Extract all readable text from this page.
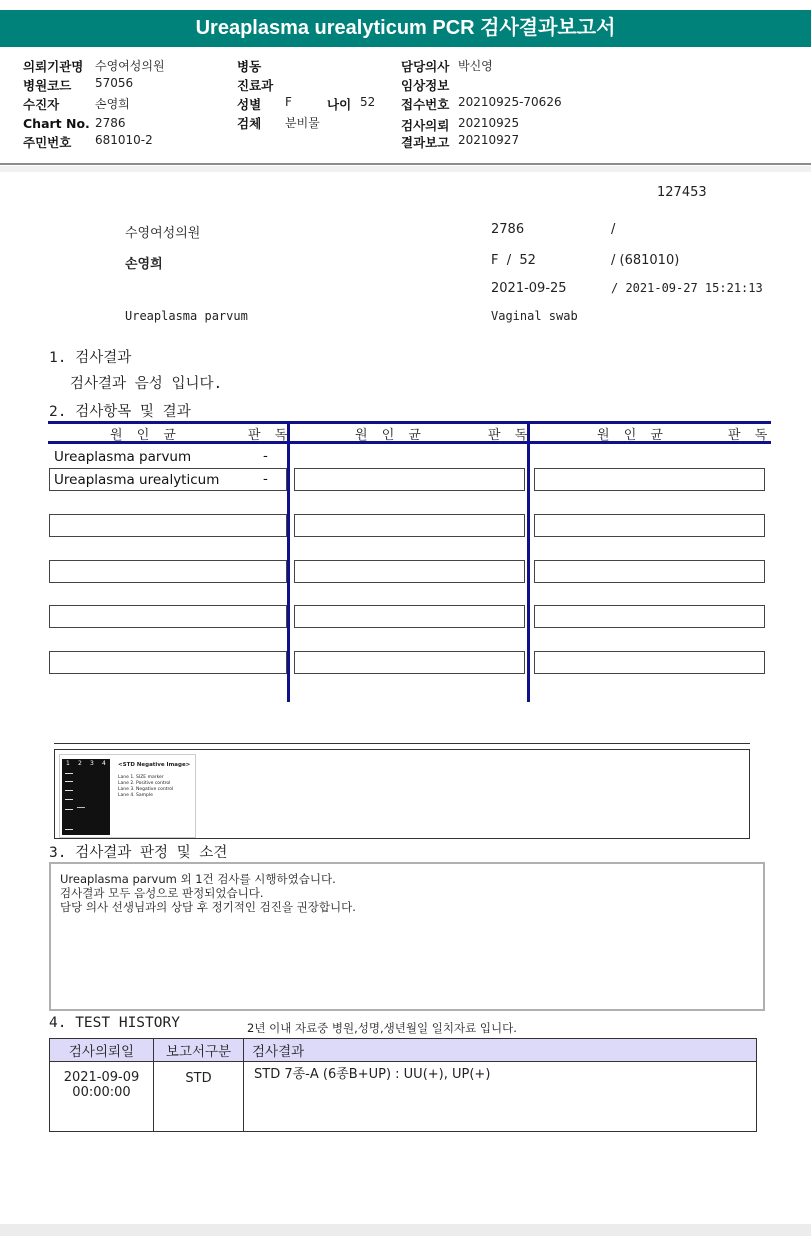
Ureaplasma urealyticum PCR 검사결과보고서
의뢰기관명 수영여성의원
병원코드 57056
수진자	손영희
Chart No. 2786
주민번호 681010-2
병동
진료과
성별 F
검체 분비물
나이 52
담당의사 박신영
임상정보
접수번호 20210925-70626
검사의뢰 20210925
결과보고 20210927
127453
수영여성의원	2786	/
손영희	F  /  52	/ (681010)
2021-09-25	/ 2021-09-27 15:21:13
Ureaplasma parvum	Vaginal swab
1. 검사결과
검사결과 음성 입니다.
2. 검사항목 및 결과
원 인 균	판 독	원 인 균	판 독	원 인 균	판 독
Ureaplasma parvum	-
Ureaplasma urealyticum	-
1 2 3 4 <STD Negative Image>
Lane 1. SIZE marker
Lane 2. Positive control
Lane 3. Negative control
Lane 4. Sample
3. 검사결과 판정 및 소견
Ureaplasma parvum 외 1건 검사를 시행하였습니다.
검사결과 모두 음성으로 판정되었습니다.
담당 의사 선생님과의 상담 후 정기적인 검진을 권장합니다.
4. TEST HISTORY	2년 이내 자료중 병원,성명,생년월일 일치자료 입니다.
검사의뢰일	보고서구분	검사결과

2021-09-09
00:00:00	STD	STD 7종-A (6종B+UP) : UU(+), UP(+)
